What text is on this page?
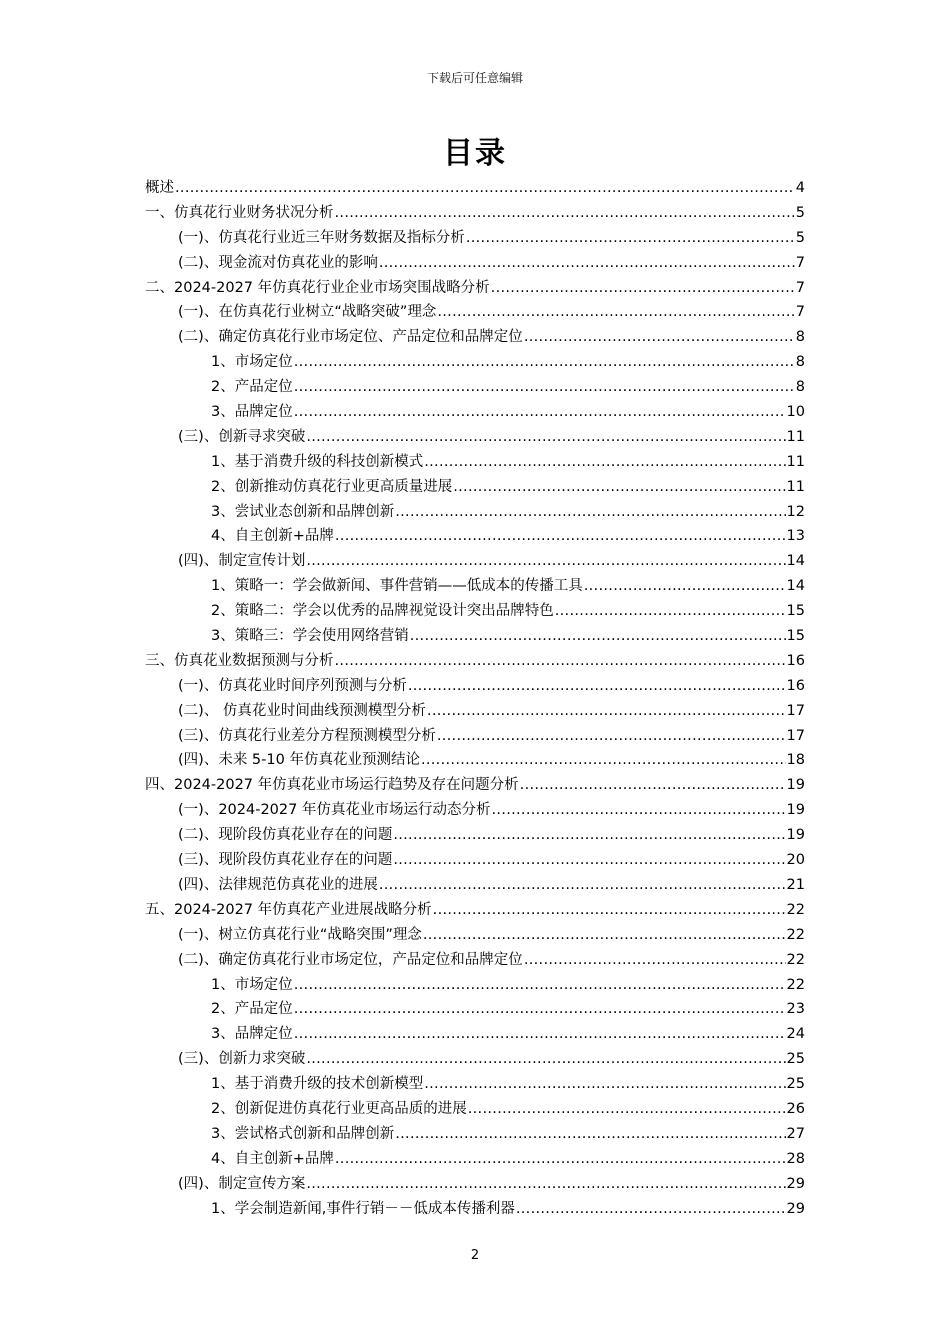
下载后可任意编辑
目录
概述 .....	4
一、仿真花行业财务状况分析 .....	5
(一)、仿真花行业近三年财务数据及指标分析 .....	5
(二)、现金流对仿真花业的影响 .....	7
二、2024-2027 年仿真花行业企业市场突围战略分析 .....	7
(一)、在仿真花行业树立“战略突破”理念 .....	7
(二)、确定仿真花行业市场定位、产品定位和品牌定位 .....	8
1、市场定位 .....	8
2、产品定位 .....	8
3、品牌定位 .....	10
(三)、创新寻求突破 .....	11
1、基于消费升级的科技创新模式 .....	11
2、创新推动仿真花行业更高质量进展 .....	11
3、尝试业态创新和品牌创新 .....	12
4、自主创新+品牌 .....	13
(四)、制定宣传计划 .....	14
1、策略一：学会做新闻、事件营销——低成本的传播工具 .....	14
2、策略二：学会以优秀的品牌视觉设计突出品牌特色 .....	15
3、策略三：学会使用网络营销 .....	15
三、仿真花业数据预测与分析 .....	16
(一)、仿真花业时间序列预测与分析 .....	16
(二)、 仿真花业时间曲线预测模型分析 .....	17
(三)、仿真花行业差分方程预测模型分析 .....	17
(四)、未来 5-10 年仿真花业预测结论 .....	18
四、2024-2027 年仿真花业市场运行趋势及存在问题分析 .....	19
(一)、2024-2027 年仿真花业市场运行动态分析 .....	19
(二)、现阶段仿真花业存在的问题 .....	19
(三)、现阶段仿真花业存在的问题 .....	20
(四)、法律规范仿真花业的进展 .....	21
五、2024-2027 年仿真花产业进展战略分析 .....	22
(一)、树立仿真花行业“战略突围”理念 .....	22
(二)、确定仿真花行业市场定位，产品定位和品牌定位 .....	22
1、市场定位 .....	22
2、产品定位 .....	23
3、品牌定位 .....	24
(三)、创新力求突破 .....	25
1、基于消费升级的技术创新模型 .....	25
2、创新促进仿真花行业更高品质的进展 .....	26
3、尝试格式创新和品牌创新 .....	27
4、自主创新+品牌 .....	28
(四)、制定宣传方案 .....	29
1、学会制造新闻,事件行销－－低成本传播利器 .....	29
2
